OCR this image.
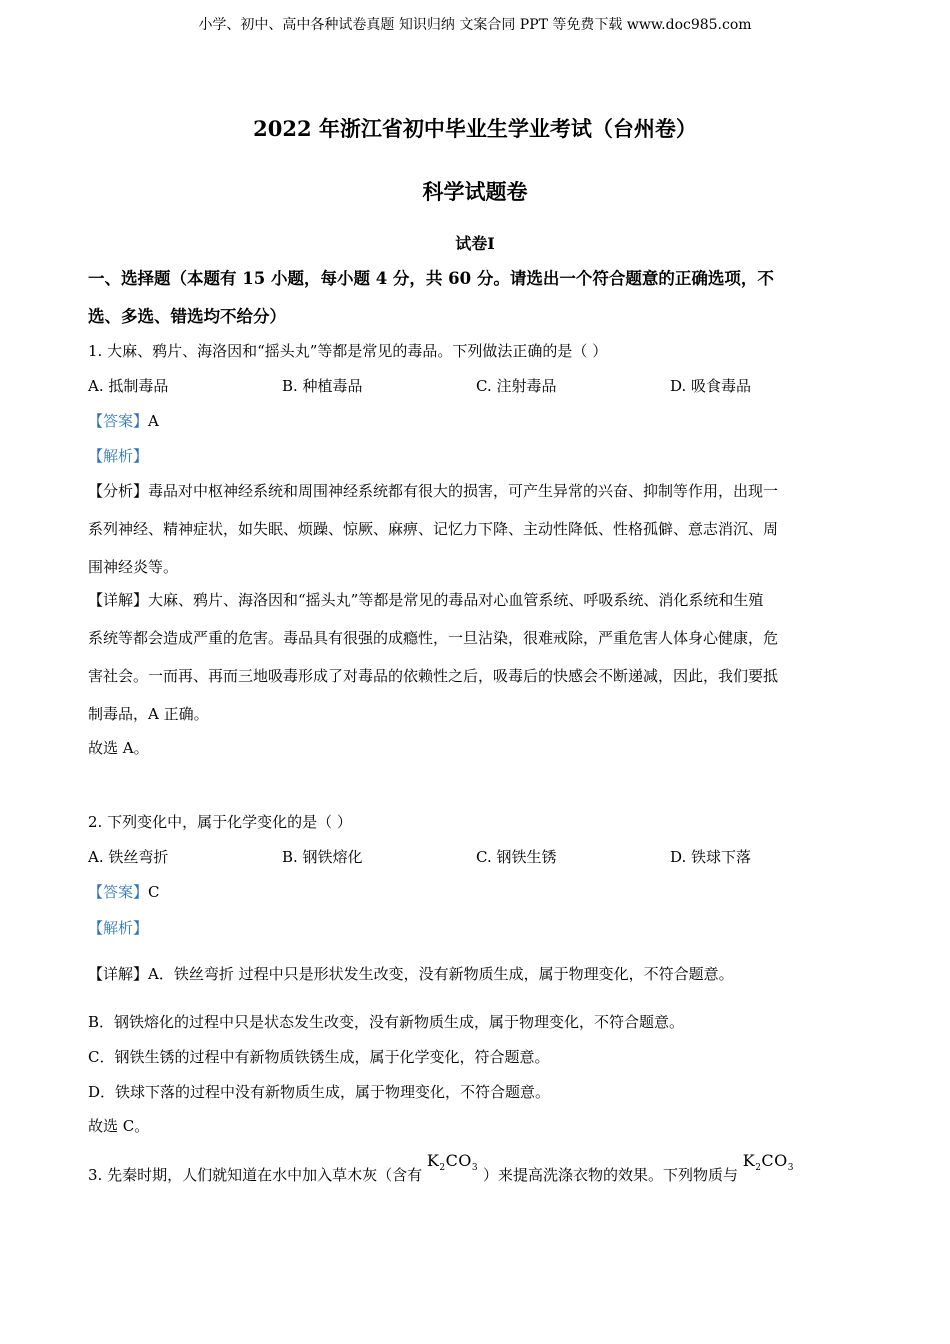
小学、初中、高中各种试卷真题 知识归纳 文案合同 PPT 等免费下载 www.doc985.com
2022 年浙江省初中毕业生学业考试（台州卷）
科学试题卷
试卷Ⅰ
一、选择题（本题有 15 小题，每小题 4 分，共 60 分。请选出一个符合题意的正确选项，不
选、多选、错选均不给分）
1. 大麻、鸦片、海洛因和“摇头丸”等都是常见的毒品。下列做法正确的是（ ）
A. 抵制毒品	B. 种植毒品	C. 注射毒品	D. 吸食毒品
【答案】A
【解析】
【分析】毒品对中枢神经系统和周围神经系统都有很大的损害，可产生异常的兴奋、抑制等作用，出现一
系列神经、精神症状，如失眠、烦躁、惊厥、麻痹、记忆力下降、主动性降低、性格孤僻、意志消沉、周
围神经炎等。
【详解】大麻、鸦片、海洛因和“摇头丸”等都是常见的毒品对心血管系统、呼吸系统、消化系统和生殖
系统等都会造成严重的危害。毒品具有很强的成瘾性，一旦沾染，很难戒除，严重危害人体身心健康，危
害社会。一而再、再而三地吸毒形成了对毒品的依赖性之后，吸毒后的快感会不断递减，因此，我们要抵
制毒品，A 正确。
故选 A。
2. 下列变化中，属于化学变化的是（ ）
A. 铁丝弯折	B. 钢铁熔化	C. 钢铁生锈	D. 铁球下落
【答案】C
【解析】
【详解】A．铁丝弯折 过程中只是形状发生改变，没有新物质生成，属于物理变化，不符合题意。
B．钢铁熔化的过程中只是状态发生改变，没有新物质生成，属于物理变化，不符合题意。
C．钢铁生锈的过程中有新物质铁锈生成，属于化学变化，符合题意。
D．铁球下落的过程中没有新物质生成，属于物理变化，不符合题意。
故选 C。
3. 先秦时期，人们就知道在水中加入草木灰（含有 $K_2CO_3$ ）来提高洗涤衣物的效果。下列物质与 $K_2CO_3$
